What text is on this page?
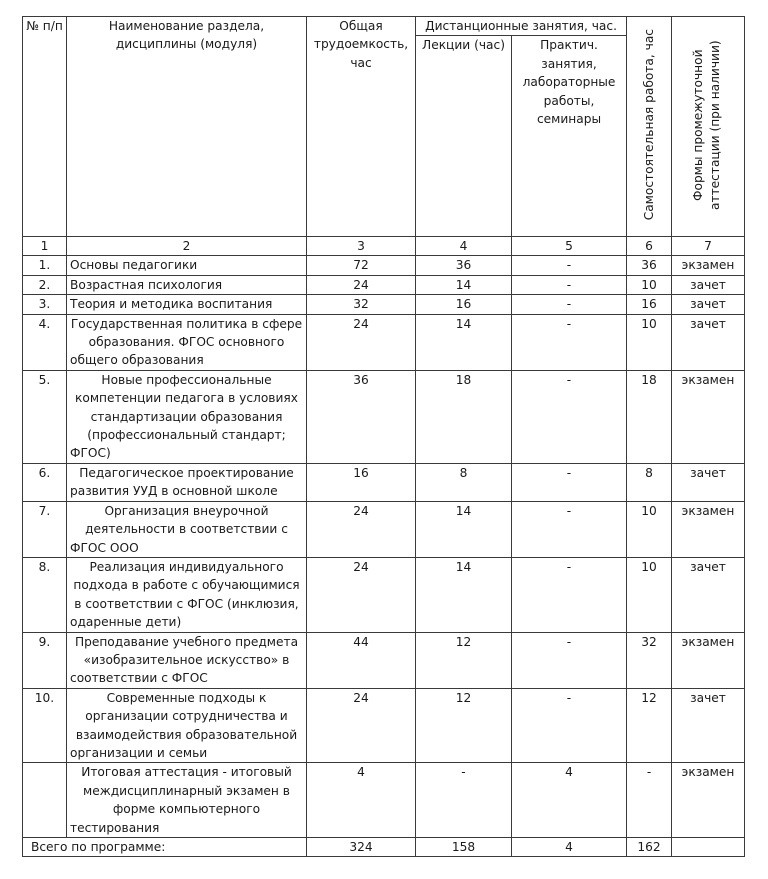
№ п/п	Наименование раздела, дисциплины (модуля)	Общая трудоемкость, час	Дистанционные занятия, час.		Самостоятельная работа, час	Формы промежуточной аттестации (при наличии)

			Лекции (час)	Практич. занятия, лабораторные работы, семинары		
1	2	3	4	5	6	7
1.	Основы педагогики	72	36	-	36	экзамен
2.	Возрастная психология	24	14	-	10	зачет
3.	Теория и методика воспитания	32	16	-	16	зачет
4.	Государственная политика в сфере образования. ФГОС основного общего образования	24	14	-	10	зачет
5.	Новые профессиональные компетенции педагога в условиях стандартизации образования (профессиональный стандарт; ФГОС)	36	18	-	18	экзамен
6.	Педагогическое проектирование развития УУД в основной школе	16	8	-	8	зачет
7.	Организация внеурочной деятельности в соответствии с ФГОС ООО	24	14	-	10	экзамен
8.	Реализация индивидуального подхода в работе с обучающимися в соответствии с ФГОС (инклюзия, одаренные дети)	24	14	-	10	зачет
9.	Преподавание учебного предмета «изобразительное искусство» в соответствии с ФГОС	44	12	-	32	экзамен
10.	Современные подходы к организации сотрудничества и взаимодействия образовательной организации и семьи	24	12	-	12	зачет
	Итоговая аттестация - итоговый междисциплинарный экзамен в форме компьютерного тестирования	4	-	4	-	экзамен
Всего по программе:		324	158	4	162	
